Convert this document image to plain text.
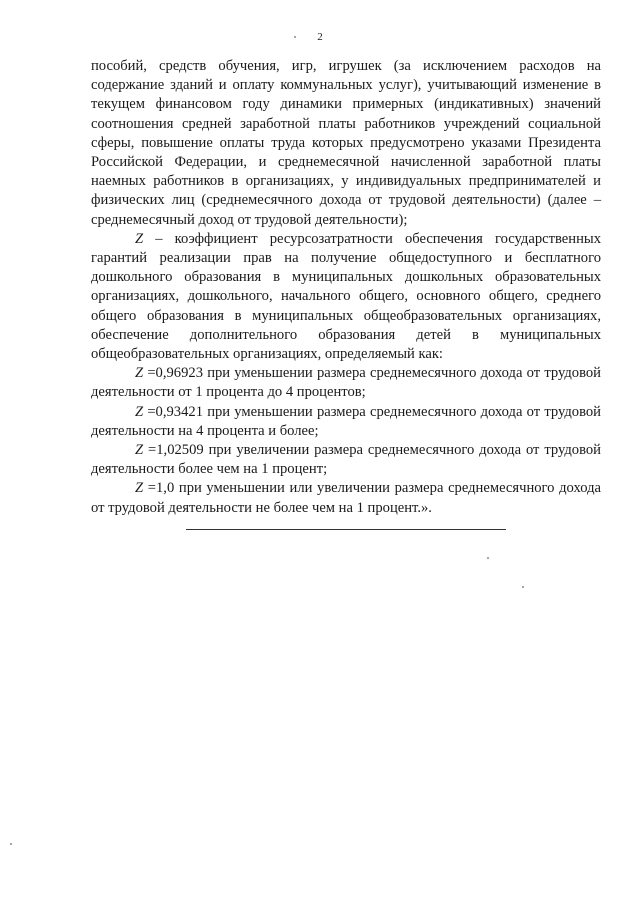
2

пособий, средств обучения, игр, игрушек (за исключением расходов на содержание зданий и оплату коммунальных услуг), учитывающий изменение в текущем финансовом году динамики примерных (индикативных) значений соотношения средней заработной платы работников учреждений социальной сферы, повышение оплаты труда которых предусмотрено указами Президента Российской Федерации, и среднемесячной начисленной заработной платы наемных работников в организациях, у индивидуальных предпринимателей и физических лиц (среднемесячного дохода от трудовой деятельности) (далее –среднемесячный доход от трудовой деятельности);

Z – коэффициент ресурсозатратности обеспечения государственных гарантий реализации прав на получение общедоступного и бесплатного дошкольного образования в муниципальных дошкольных образовательных организациях, дошкольного, начального общего, основного общего, среднего общего образования в муниципальных общеобразовательных организациях, обеспечение дополнительного образования детей в муниципальных общеобразовательных организациях, определяемый как:

Z =0,96923 при уменьшении размера среднемесячного дохода от трудовой деятельности от 1 процента до 4 процентов;

Z =0,93421 при уменьшении размера среднемесячного дохода от трудовой деятельности на 4 процента и более;

Z =1,02509 при увеличении размера среднемесячного дохода от трудовой деятельности более чем на 1 процент;

Z =1,0 при уменьшении или увеличении размера среднемесячного дохода от трудовой деятельности не более чем на 1 процент.».
